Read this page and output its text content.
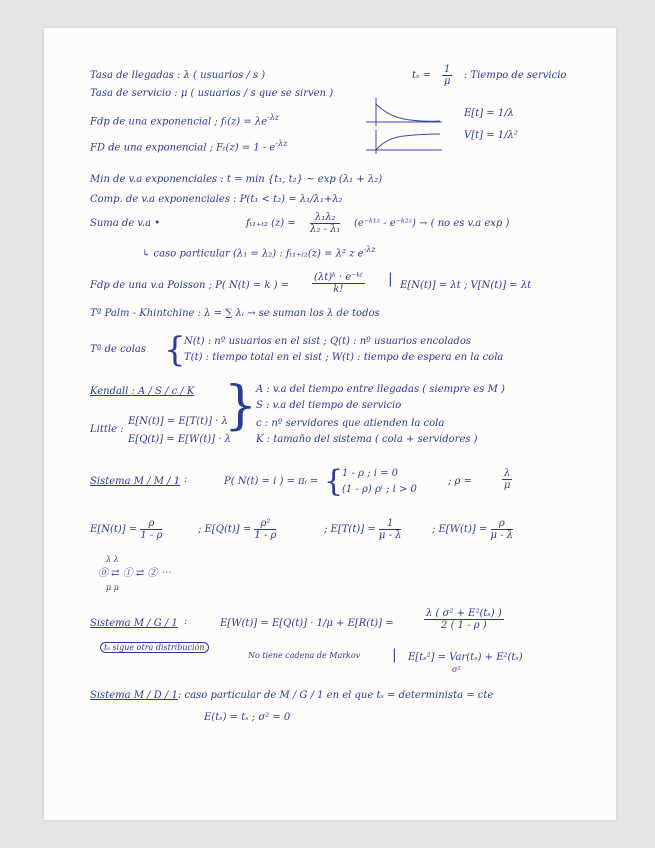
Tasa de llegadas : λ ( usuarios / s )	$t_s = \frac{1}{\mu}$ : Tiempo de servicio
Tasa de servicio : μ ( usuarios / s que se sirven )
E[t] = 1/λ
Fdp de una exponencial ; $f_t(z) = \lambda e^{-\lambda z}$
V[t] = 1/λ²
FD de una exponencial ; $F_t(z) = 1 - e^{-\lambda z}$
Min de v.a exponenciales : t = min {t₁, t₂} ~ exp (λ₁ + λ₂)
Comp. de v.a exponenciales : P(t₁ < t₂) = λ₁/λ₁+λ₂
Suma de v.a •	fₜ₁₊ₜ₂ $(z) = \frac{\text{λ₁λ₂}}{\text{λ₂ - λ₁}}$ (e⁻ᵏ¹ᶻ - e⁻ᵏ²ᶻ) → ( no es v.a exp )
↳ caso particular (λ₁ = λ₂) : fₜ₁₊ₜ₂(z) = λ² z $e^{-\lambda z}$
Fdp de una v.a Poisson ; P( N(t) = k ) = $\frac{\text{(λt)ᵏ · e⁻ᵏᵗ}}{k!}$ | E[N(t)] = λt ; V[N(t)] = λt
Tª Palm - Khintchine : λ = ∑ λᵢ → se suman los λ de todos
Tª de colas {
N(t) : nº usuarios en el sist ; Q(t) : nº usuarios encolados
T(t) : tiempo total en el sist ; W(t) : tiempo de espera en la cola
Kendall : A / S / c / K }
A : v.a del tiempo entre llegadas ( siempre es M )
S : v.a del tiempo de servicio
c : nº servidores que atienden la cola
K : tamaño del sistema ( cola + servidores )
Little :
E[N(t)] = E[T(t)] · λ
E[Q(t)] = E[W(t)] · λ
Sistema M / M / 1 :	P( N(t) = i ) = πᵢ = {
1 - ρ ; i = 0
(1 - ρ) ρⁱ ; i > 0
; ρ =	$\frac{\lambda}{\mu}$
$E[N(t)] = \frac{\rho}{1 - \rho}$	; $E[Q(t)] = \frac{\text{ρ²}}{1 - \rho}$	; $E[T(t)] = \frac{1}{\mu - \lambda}$	; $E[W(t)] = \frac{\rho}{\mu - \lambda}$
λ λ
⓪ ⇄ ① ⇄ ② ⋯
μ μ
Sistema M / G / 1 :	E[W(t)] = E[Q(t)] · 1/μ + E[R(t)] =	$\frac{\text{λ ( σ² + E²(tₛ) )}}{2 ( 1 - \rho )}$
tₛ sigue otra distribución
No tiene cadena de Markov | E[tₛ²] = Var(tₛ) + E²(tₛ)
σ²
Sistema M / D / 1 : caso particular de M / G / 1 en el que tₛ = determinista = cte
E(tₛ) = tₛ ; σ² = 0
